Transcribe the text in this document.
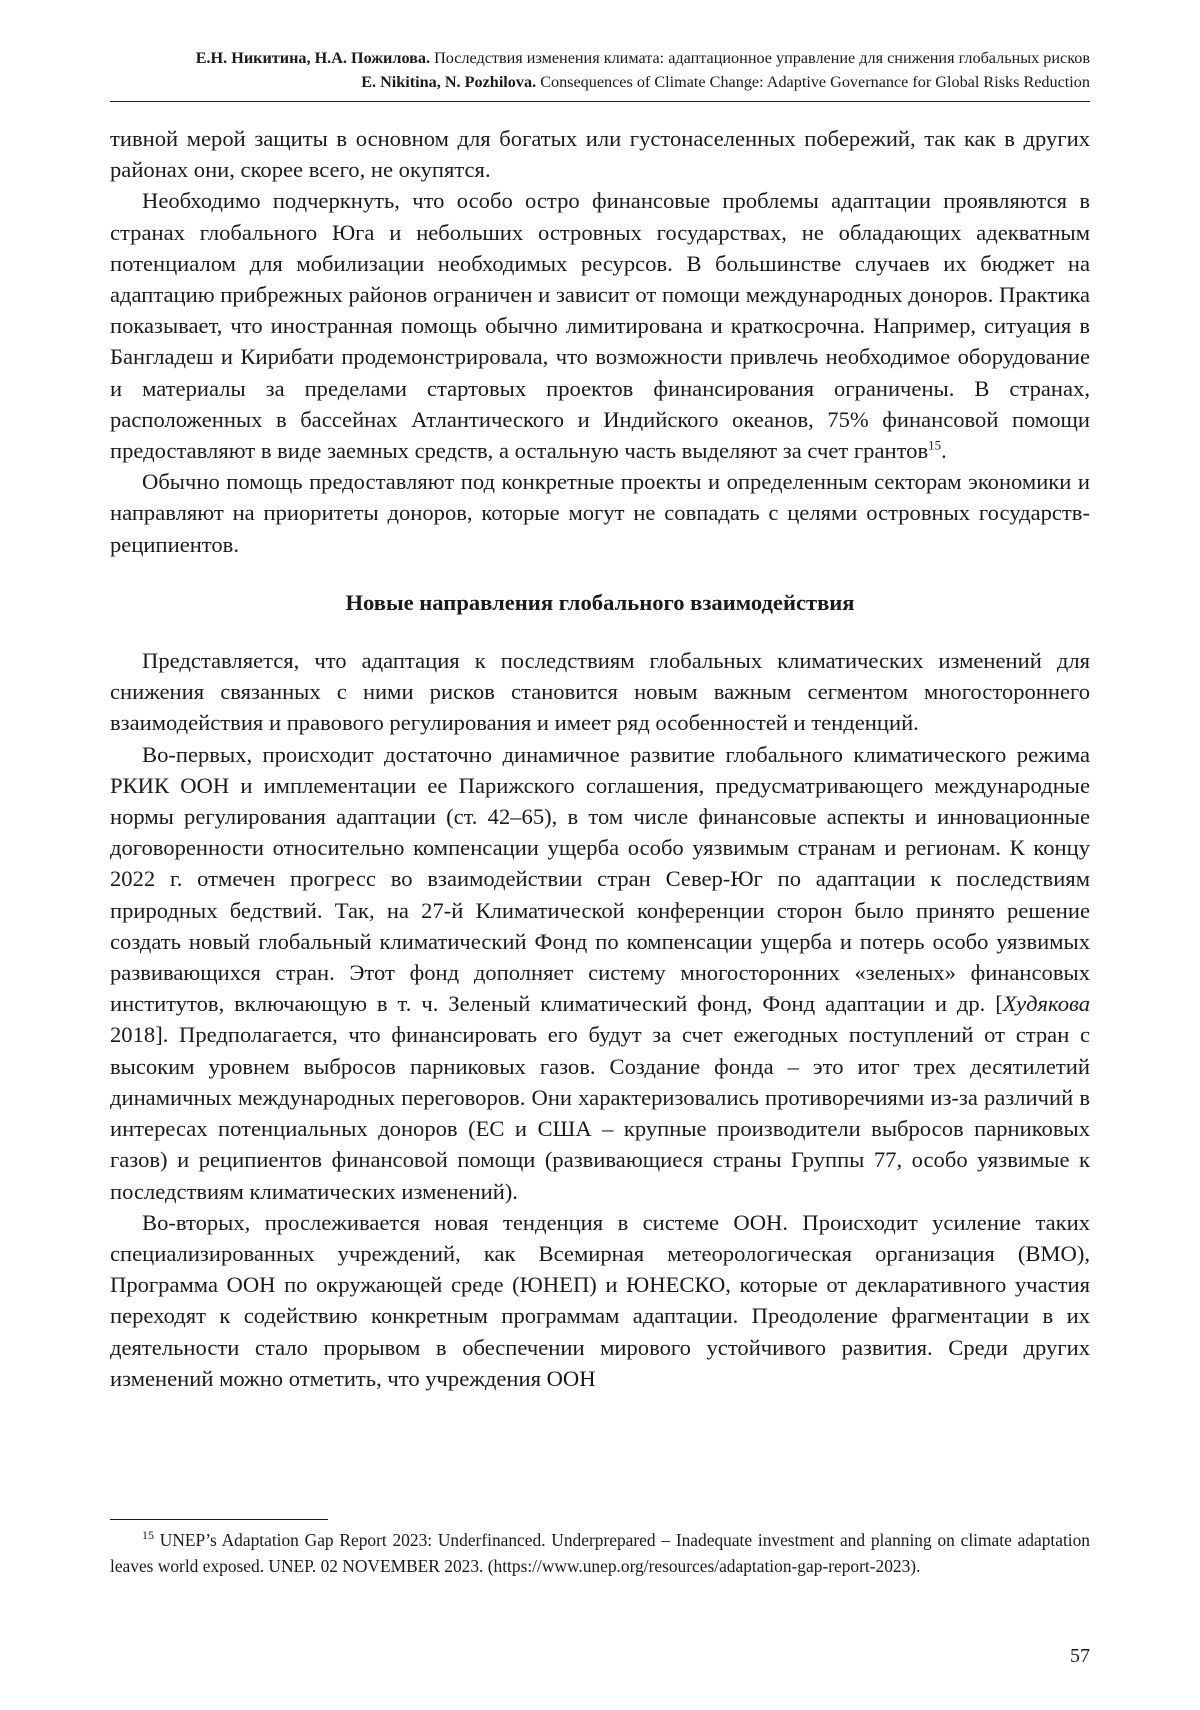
Е.Н. Никитина, Н.А. Пожилова. Последствия изменения климата: адаптационное управление для снижения глобальных рисков
E. Nikitina, N. Pozhilova. Consequences of Climate Change: Adaptive Governance for Global Risks Reduction

тивной мерой защиты в основном для богатых или густонаселенных побережий, так как в других районах они, скорее всего, не окупятся.

Необходимо подчеркнуть, что особо остро финансовые проблемы адаптации проявляются в странах глобального Юга и небольших островных государствах, не обладающих адекватным потенциалом для мобилизации необходимых ресурсов. В большинстве случаев их бюджет на адаптацию прибрежных районов ограничен и зависит от помощи международных доноров. Практика показывает, что иностранная помощь обычно лимитирована и краткосрочна. Например, ситуация в Бангладеш и Кирибати продемонстрировала, что возможности привлечь необходимое оборудование и материалы за пределами стартовых проектов финансирования ограничены. В странах, расположенных в бассейнах Атлантического и Индийского океанов, 75% финансовой помощи предоставляют в виде заемных средств, а остальную часть выделяют за счет грантов$^{15}$.

Обычно помощь предоставляют под конкретные проекты и определенным секторам экономики и направляют на приоритеты доноров, которые могут не совпадать с целями островных государств-реципиентов.

Новые направления глобального взаимодействия

Представляется, что адаптация к последствиям глобальных климатических изменений для снижения связанных с ними рисков становится новым важным сегментом многостороннего взаимодействия и правового регулирования и имеет ряд особенностей и тенденций.

Во-первых, происходит достаточно динамичное развитие глобального климатического режима РКИК ООН и имплементации ее Парижского соглашения, предусматривающего международные нормы регулирования адаптации (ст. 42–65), в том числе финансовые аспекты и инновационные договоренности относительно компенсации ущерба особо уязвимым странам и регионам. К концу 2022 г. отмечен прогресс во взаимодействии стран Север-Юг по адаптации к последствиям природных бедствий. Так, на 27-й Климатической конференции сторон было принято решение создать новый глобальный климатический Фонд по компенсации ущерба и потерь особо уязвимых развивающихся стран. Этот фонд дополняет систему многосторонних «зеленых» финансовых институтов, включающую в т. ч. Зеленый климатический фонд, Фонд адаптации и др. [Худякова 2018]. Предполагается, что финансировать его будут за счет ежегодных поступлений от стран с высоким уровнем выбросов парниковых газов. Создание фонда – это итог трех десятилетий динамичных международных переговоров. Они характеризовались противоречиями из-за различий в интересах потенциальных доноров (ЕС и США – крупные производители выбросов парниковых газов) и реципиентов финансовой помощи (развивающиеся страны Группы 77, особо уязвимые к последствиям климатических изменений).

Во-вторых, прослеживается новая тенденция в системе ООН. Происходит усиление таких специализированных учреждений, как Всемирная метеорологическая организация (ВМО), Программа ООН по окружающей среде (ЮНЕП) и ЮНЕСКО, которые от декларативного участия переходят к содействию конкретным программам адаптации. Преодоление фрагментации в их деятельности стало прорывом в обеспечении мирового устойчивого развития. Среди других изменений можно отметить, что учреждения ООН

$^{15}$ UNEP’s Adaptation Gap Report 2023: Underfinanced. Underprepared – Inadequate investment and planning on climate adaptation leaves world exposed. UNEP. 02 NOVEMBER 2023. (https://www.unep.org/resources/adaptation-gap-report-2023).
57
